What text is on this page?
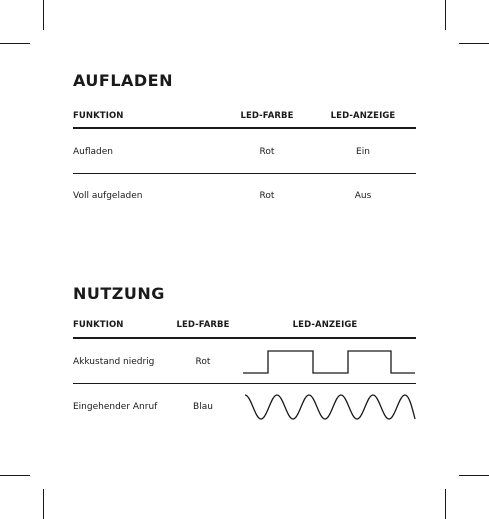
AUFLADEN
FUNKTION	LED-FARBE	LED-ANZEIGE
Aufladen	Rot	Ein
Voll aufgeladen	Rot	Aus
NUTZUNG
FUNKTION	LED-FARBE	LED-ANZEIGE
Akkustand niedrig	Rot
Eingehender Anruf	Blau
